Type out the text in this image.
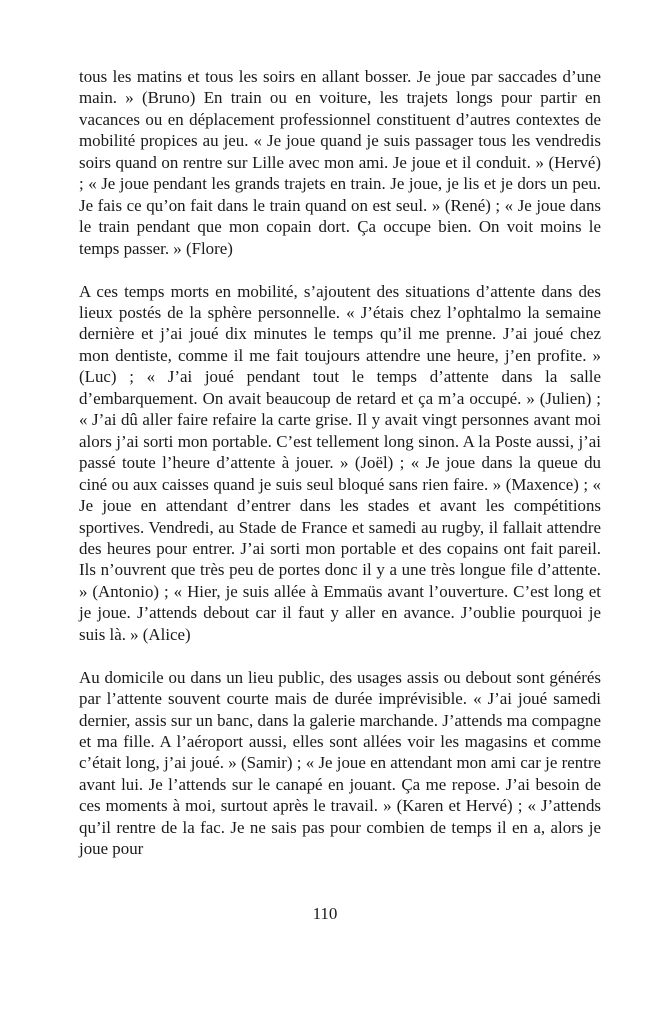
tous les matins et tous les soirs en allant bosser. Je joue par saccades d’une main. » (Bruno) En train ou en voiture, les trajets longs pour partir en vacances ou en déplacement professionnel constituent d’autres contextes de mobilité propices au jeu. « Je joue quand je suis passager tous les vendredis soirs quand on rentre sur Lille avec mon ami. Je joue et il conduit. » (Hervé) ; « Je joue pendant les grands trajets en train. Je joue, je lis et je dors un peu. Je fais ce qu’on fait dans le train quand on est seul. » (René) ; « Je joue dans le train pendant que mon copain dort. Ça occupe bien. On voit moins le temps passer. » (Flore)

A ces temps morts en mobilité, s’ajoutent des situations d’attente dans des lieux postés de la sphère personnelle. « J’étais chez l’ophtalmo la semaine dernière et j’ai joué dix minutes le temps qu’il me prenne. J’ai joué chez mon dentiste, comme il me fait toujours attendre une heure, j’en profite. » (Luc) ; « J’ai joué pendant tout le temps d’attente dans la salle d’embarquement. On avait beaucoup de retard et ça m’a occupé. » (Julien) ; « J’ai dû aller faire refaire la carte grise. Il y avait vingt personnes avant moi alors j’ai sorti mon portable. C’est tellement long sinon. A la Poste aussi, j’ai passé toute l’heure d’attente à jouer. » (Joël) ; « Je joue dans la queue du ciné ou aux caisses quand je suis seul bloqué sans rien faire. » (Maxence) ; « Je joue en attendant d’entrer dans les stades et avant les compétitions sportives. Vendredi, au Stade de France et samedi au rugby, il fallait attendre des heures pour entrer. J’ai sorti mon portable et des copains ont fait pareil. Ils n’ouvrent que très peu de portes donc il y a une très longue file d’attente. » (Antonio) ; « Hier, je suis allée à Emmaüs avant l’ouverture. C’est long et je joue. J’attends debout car il faut y aller en avance. J’oublie pourquoi je suis là. » (Alice)

Au domicile ou dans un lieu public, des usages assis ou debout sont générés par l’attente souvent courte mais de durée imprévisible. « J’ai joué samedi dernier, assis sur un banc, dans la galerie marchande. J’attends ma compagne et ma fille. A l’aéroport aussi, elles sont allées voir les magasins et comme c’était long, j’ai joué. » (Samir) ; « Je joue en attendant mon ami car je rentre avant lui. Je l’attends sur le canapé en jouant. Ça me repose. J’ai besoin de ces moments à moi, surtout après le travail. » (Karen et Hervé) ; « J’attends qu’il rentre de la fac. Je ne sais pas pour combien de temps il en a, alors je joue pour

110
